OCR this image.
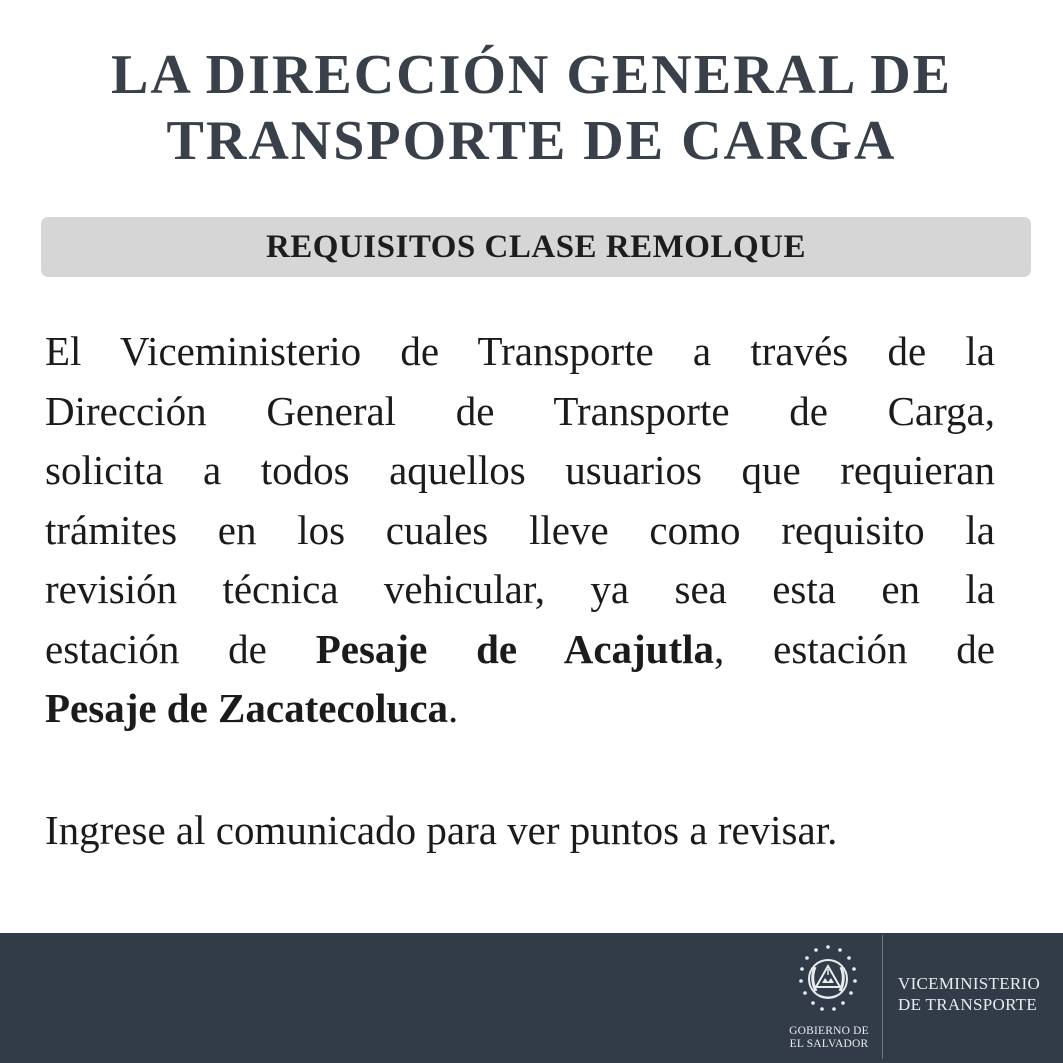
LA DIRECCIÓN GENERAL DE
TRANSPORTE DE CARGA
REQUISITOS CLASE REMOLQUE
El Viceministerio de Transporte a través de la
Dirección General de Transporte de Carga,
solicita a todos aquellos usuarios que requieran
trámites en los cuales lleve como requisito la
revisión técnica vehicular, ya sea esta en la
estación de Pesaje de Acajutla, estación de
Pesaje de Zacatecoluca.
Ingrese al comunicado para ver puntos a revisar.
GOBIERNO DE
EL SALVADOR
VICEMINISTERIO
DE TRANSPORTE
